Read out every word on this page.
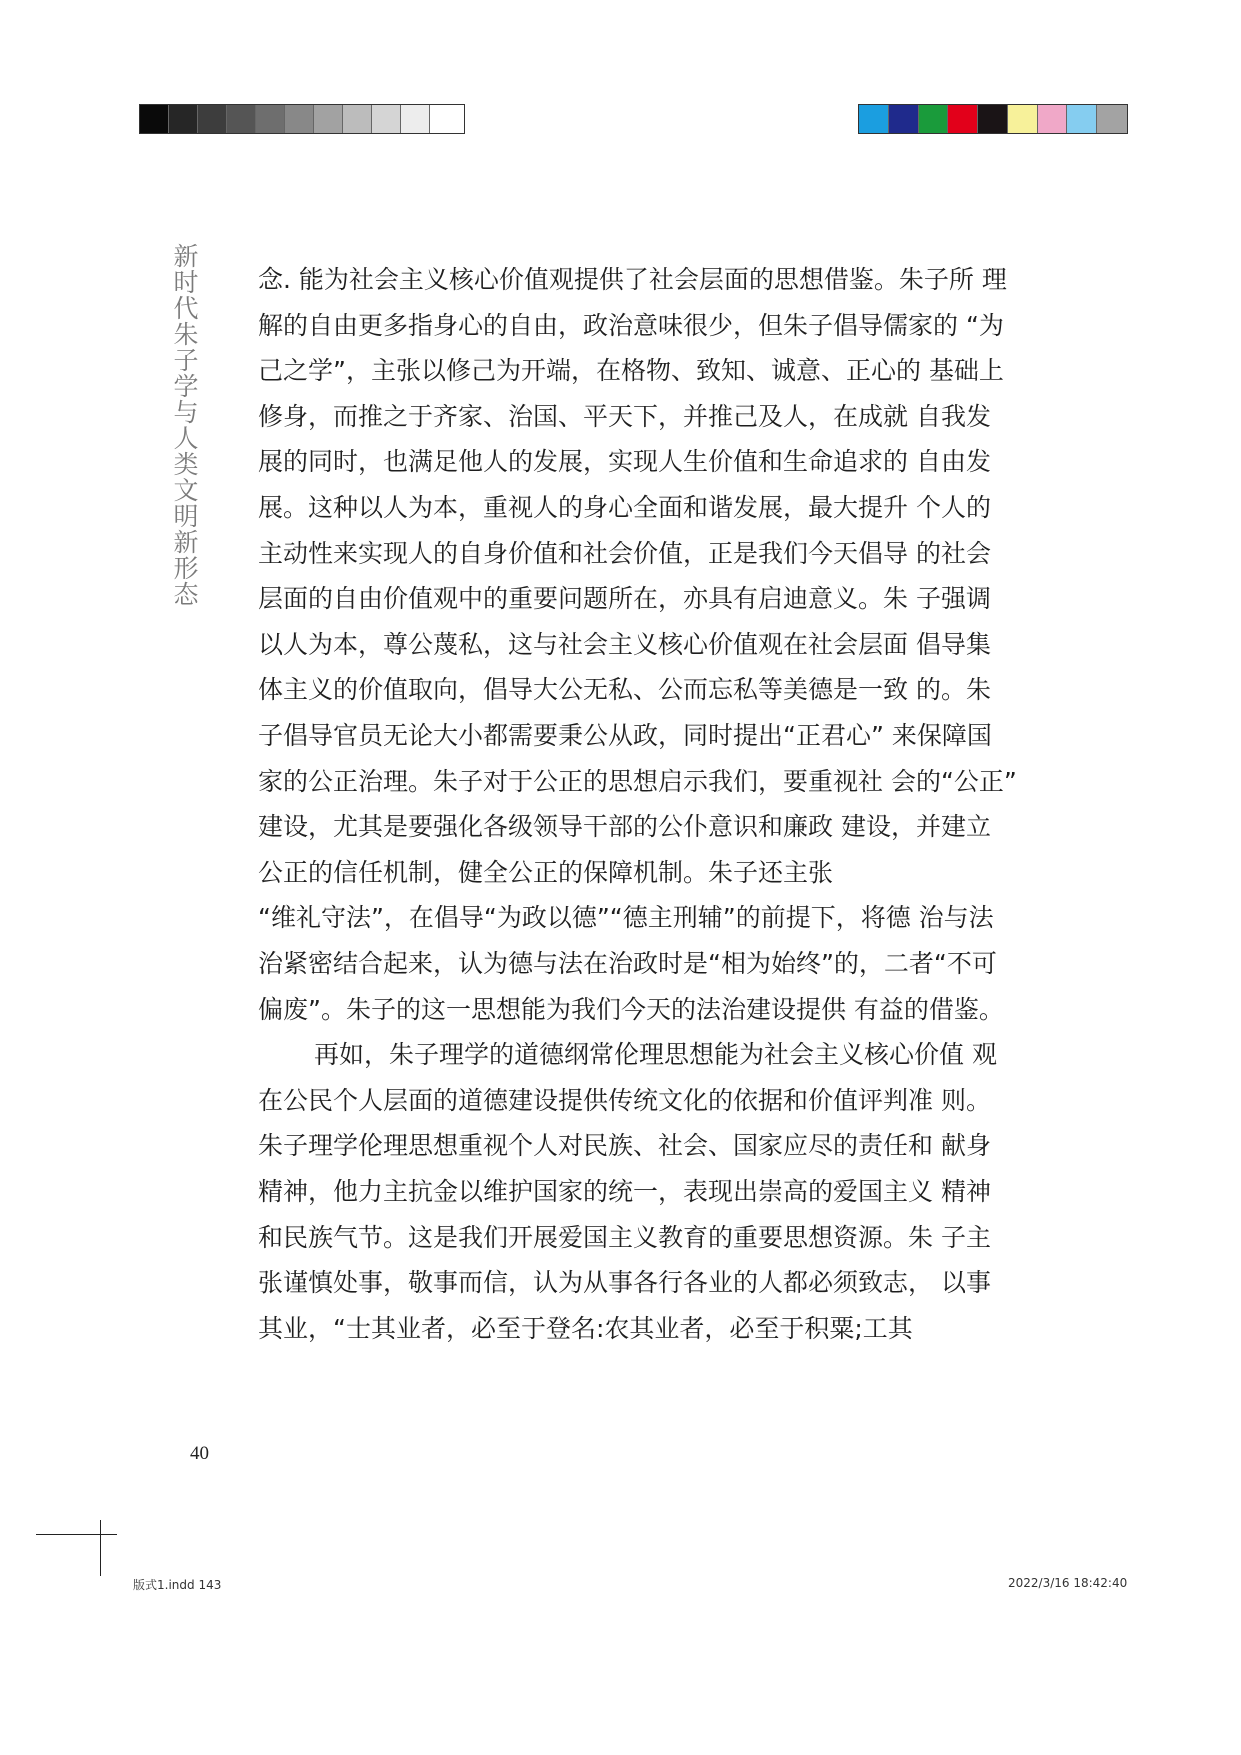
新时代朱子学与人类文明新形态 念. 能为社会主义核心价值观提供了社会层面的思想借鉴。朱子所 理
解的自由更多指身心的自由，政治意味很少，但朱子倡导儒家的 “为
己之学”，主张以修己为开端，在格物、致知、诚意、正心的 基础上
修身，而推之于齐家、治国、平天下，并推己及人，在成就 自我发
展的同时，也满足他人的发展，实现人生价值和生命追求的 自由发
展。这种以人为本，重视人的身心全面和谐发展，最大提升 个人的
主动性来实现人的自身价值和社会价值，正是我们今天倡导 的社会
层面的自由价值观中的重要问题所在，亦具有启迪意义。朱 子强调
以人为本，尊公蔑私，这与社会主义核心价值观在社会层面 倡导集
体主义的价值取向，倡导大公无私、公而忘私等美德是一致 的。朱
子倡导官员无论大小都需要秉公从政，同时提出“正君心” 来保障国
家的公正治理。朱子对于公正的思想启示我们，要重视社 会的“公正”
建设，尤其是要强化各级领导干部的公仆意识和廉政 建设，并建立
公正的信任机制，健全公正的保障机制。朱子还主张
“维礼守法”，在倡导“为政以德”“德主刑辅”的前提下，将德 治与法
治紧密结合起来，认为德与法在治政时是“相为始终”的，二者“不可
偏废”。朱子的这一思想能为我们今天的法治建设提供 有益的借鉴。
再如，朱子理学的道德纲常伦理思想能为社会主义核心价值 观
在公民个人层面的道德建设提供传统文化的依据和价值评判准 则。
朱子理学伦理思想重视个人对民族、社会、国家应尽的责任和 献身
精神，他力主抗金以维护国家的统一，表现出崇高的爱国主义 精神
和民族气节。这是我们开展爱国主义教育的重要思想资源。朱 子主
张谨慎处事，敬事而信，认为从事各行各业的人都必须致志， 以事
其业，“士其业者，必至于登名:农其业者，必至于积粟;工其
40
版式1.indd 143	2022/3/16 18:42:40
